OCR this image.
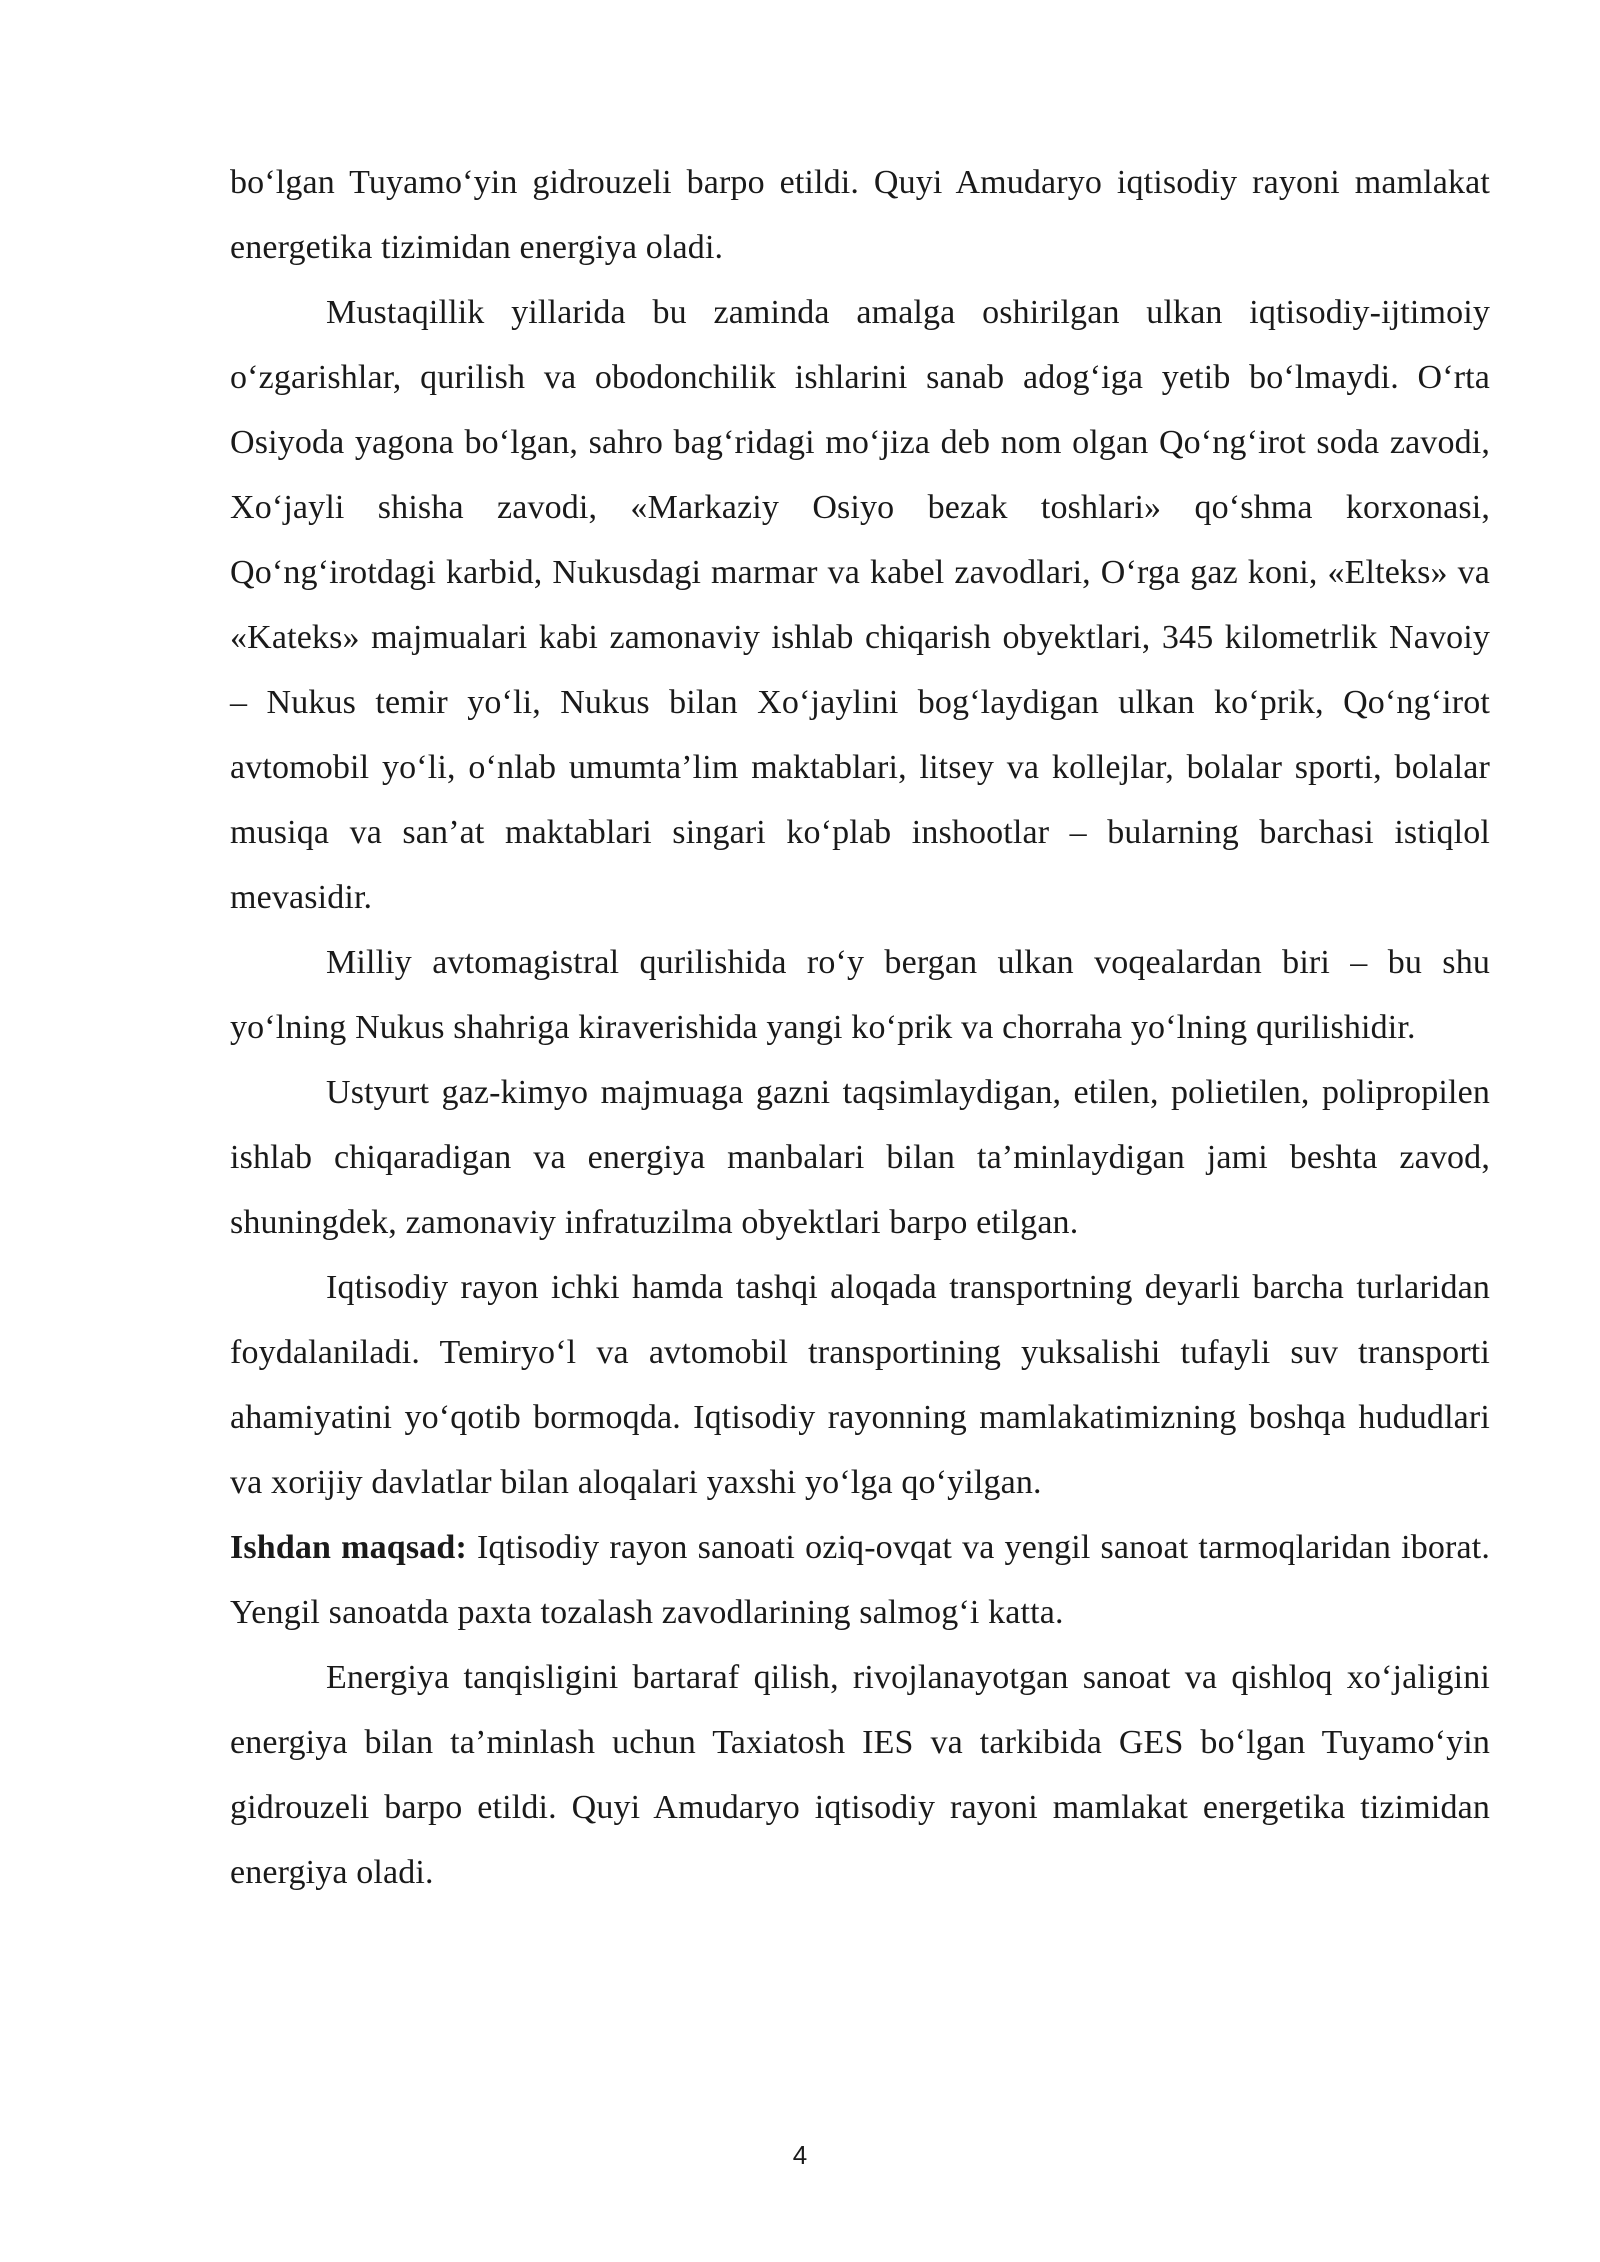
bo‘lgan Tuyamo‘yin gidrouzeli barpo etildi. Quyi Amudaryo iqtisodiy rayoni mamlakat energetika tizimidan energiya oladi.

Mustaqillik yillarida bu zaminda amalga oshirilgan ulkan iqtisodiy-ijtimoiy o‘zgarishlar, qurilish va obodonchilik ishlarini sanab adog‘iga yetib bo‘lmaydi. O‘rta Osiyoda yagona bo‘lgan, sahro bag‘ridagi mo‘jiza deb nom olgan Qo‘ng‘irot soda zavodi, Xo‘jayli shisha zavodi, «Markaziy Osiyo bezak toshlari» qo‘shma korxonasi, Qo‘ng‘irotdagi karbid, Nukusdagi marmar va kabel zavodlari, O‘rga gaz koni, «Elteks» va «Kateks» majmualari kabi zamonaviy ishlab chiqarish obyektlari, 345 kilometrlik Navoiy – Nukus temir yo‘li, Nukus bilan Xo‘jaylini bog‘laydigan ulkan ko‘prik, Qo‘ng‘irot avtomobil yo‘li, o‘nlab umumta’lim maktablari, litsey va kollejlar, bolalar sporti, bolalar musiqa va san’at maktablari singari ko‘plab inshootlar – bularning barchasi istiqlol mevasidir.

Milliy avtomagistral qurilishida ro‘y bergan ulkan voqealardan biri – bu shu yo‘lning Nukus shahriga kiraverishida yangi ko‘prik va chorraha yo‘lning qurilishidir.

Ustyurt gaz-kimyo majmuaga gazni taqsimlaydigan, etilen, polietilen, polipropilen ishlab chiqaradigan va energiya manbalari bilan ta’minlaydigan jami beshta zavod, shuningdek, zamonaviy infratuzilma obyektlari barpo etilgan.

Iqtisodiy rayon ichki hamda tashqi aloqada transportning deyarli barcha turlaridan foydalaniladi. Temiryo‘l va avtomobil transportining yuksalishi tufayli suv transporti ahamiyatini yo‘qotib bormoqda. Iqtisodiy rayonning mamlakatimizning boshqa hududlari va xorijiy davlatlar bilan aloqalari yaxshi yo‘lga qo‘yilgan.

Ishdan maqsad: Iqtisodiy rayon sanoati oziq-ovqat va yengil sanoat tarmoqlaridan iborat. Yengil sanoatda paxta tozalash zavodlarining salmog‘i katta.

Energiya tanqisligini bartaraf qilish, rivojlanayotgan sanoat va qishloq xo‘jaligini energiya bilan ta’minlash uchun Taxiatosh IES va tarkibida GES bo‘lgan Tuyamo‘yin gidrouzeli barpo etildi. Quyi Amudaryo iqtisodiy rayoni mamlakat energetika tizimidan energiya oladi.

4
